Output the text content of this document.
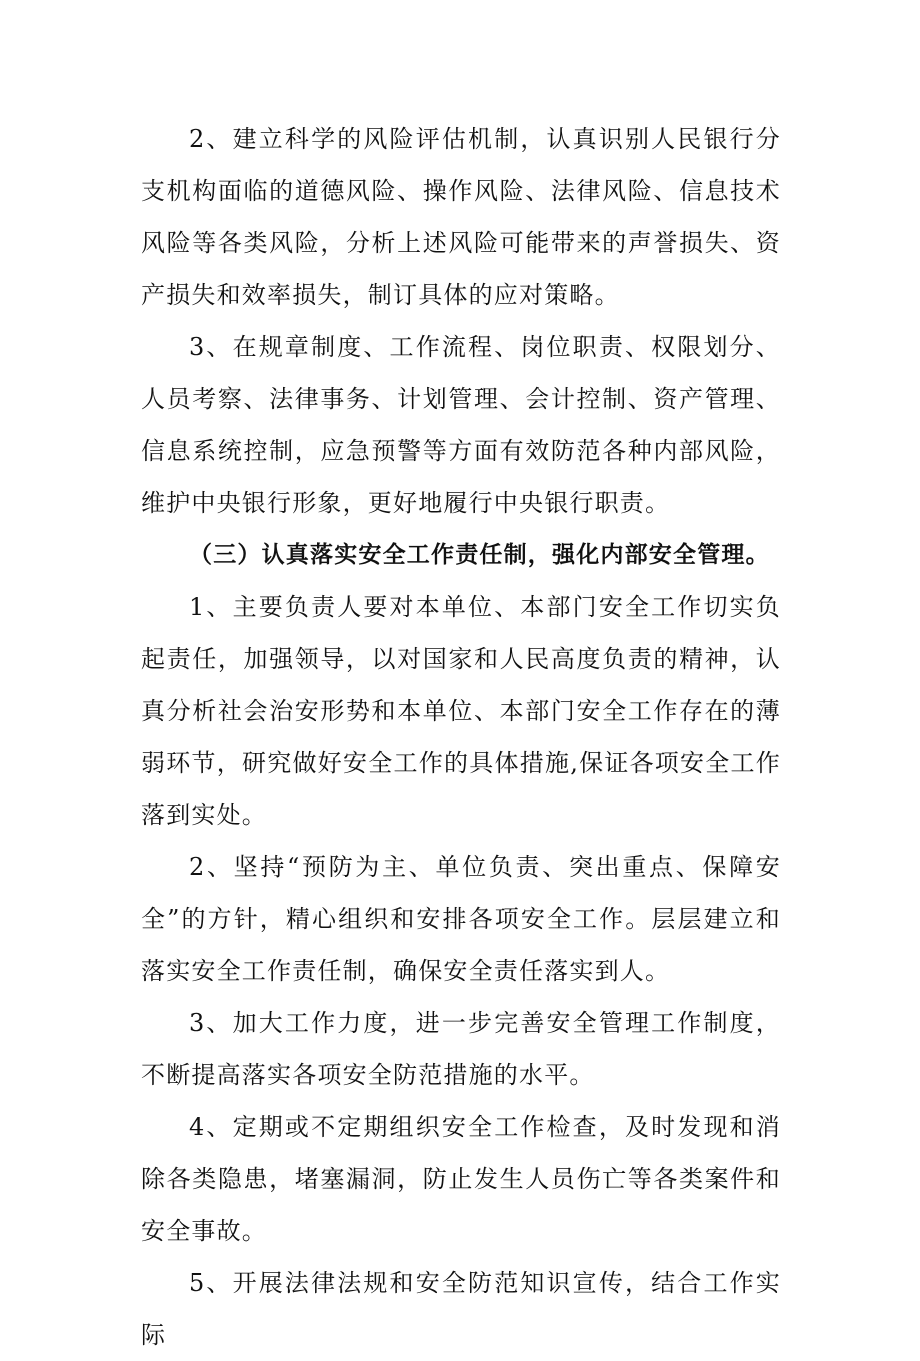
2、建立科学的风险评估机制，认真识别人民银行分支机构面临的道德风险、操作风险、法律风险、信息技术风险等各类风险，分析上述风险可能带来的声誉损失、资产损失和效率损失，制订具体的应对策略。

3、在规章制度、工作流程、岗位职责、权限划分、人员考察、法律事务、计划管理、会计控制、资产管理、信息系统控制，应急预警等方面有效防范各种内部风险，维护中央银行形象，更好地履行中央银行职责。

（三）认真落实安全工作责任制，强化内部安全管理。

1、主要负责人要对本单位、本部门安全工作切实负起责任，加强领导，以对国家和人民高度负责的精神，认真分析社会治安形势和本单位、本部门安全工作存在的薄弱环节，研究做好安全工作的具体措施,保证各项安全工作落到实处。

2、坚持“预防为主、单位负责、突出重点、保障安全”的方针，精心组织和安排各项安全工作。层层建立和落实安全工作责任制，确保安全责任落实到人。

3、加大工作力度，进一步完善安全管理工作制度，不断提高落实各项安全防范措施的水平。

4、定期或不定期组织安全工作检查，及时发现和消除各类隐患，堵塞漏洞，防止发生人员伤亡等各类案件和安全事故。

5、开展法律法规和安全防范知识宣传，结合工作实际
